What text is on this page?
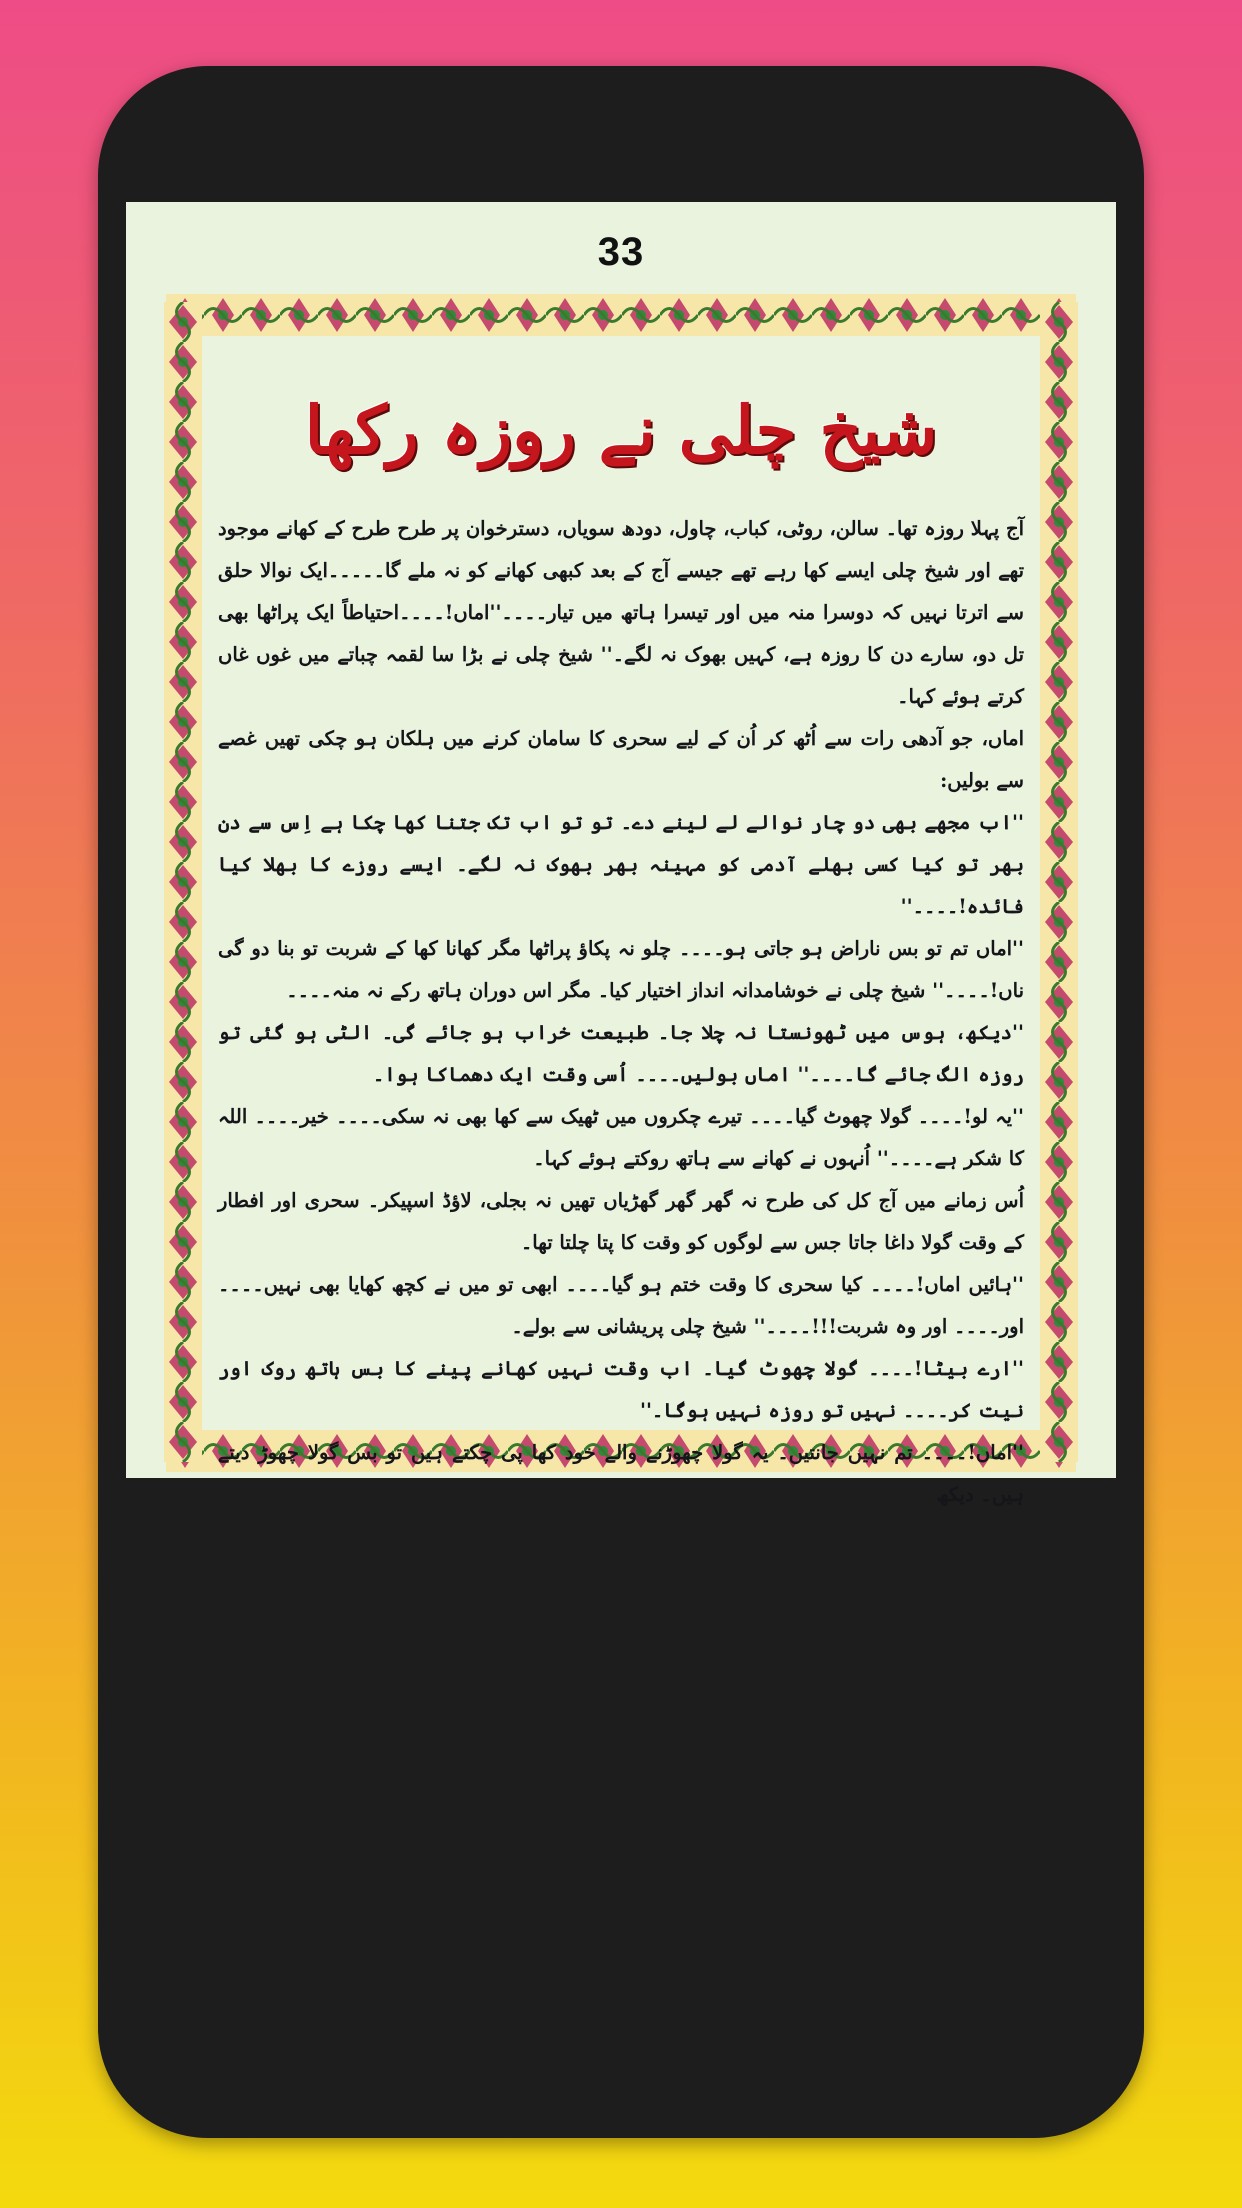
33
شیخ چلی نے روزہ رکھا

آج پہلا روزہ تھا۔ سالن، روٹی، کباب، چاول، دودھ سویاں، دسترخوان پر طرح طرح کے کھانے موجود تھے اور شیخ چلی ایسے کھا رہے تھے جیسے آج کے بعد کبھی کھانے کو نہ ملے گا۔۔۔۔۔ایک نوالا حلق سے اترتا نہیں کہ دوسرا منہ میں اور تیسرا ہاتھ میں تیار۔۔۔۔''اماں!۔۔۔۔احتیاطاً ایک پراٹھا بھی تل دو، سارے دن کا روزہ ہے، کہیں بھوک نہ لگے۔'' شیخ چلی نے بڑا سا لقمہ چباتے میں غوں غاں کرتے ہوئے کہا۔

اماں، جو آدھی رات سے اُٹھ کر اُن کے لیے سحری کا سامان کرنے میں ہلکان ہو چکی تھیں غصے سے بولیں:

''اب مجھے بھی دو چار نوالے لے لینے دے۔ تو تو اب تک جتنا کھا چکا ہے اِس سے دن بھر تو کیا کسی بھلے آدمی کو مہینہ بھر بھوک نہ لگے۔ ایسے روزے کا بھلا کیا فائدہ!۔۔۔۔''

''اماں تم تو بس ناراض ہو جاتی ہو۔۔۔۔ چلو نہ پکاؤ پراٹھا مگر کھانا کھا کے شربت تو بنا دو گی ناں!۔۔۔۔'' شیخ چلی نے خوشامدانہ انداز اختیار کیا۔ مگر اس دوران ہاتھ رکے نہ منہ۔۔۔۔

''دیکھ، ہوس میں ٹھونستا نہ چلا جا۔ طبیعت خراب ہو جائے گی۔ الٹی ہو گئی تو روزہ الگ جائے گا۔۔۔۔'' اماں بولیں۔۔۔۔ اُسی وقت ایک دھماکا ہوا۔

''یہ لو!۔۔۔۔ گولا چھوٹ گیا۔۔۔۔ تیرے چکروں میں ٹھیک سے کھا بھی نہ سکی۔۔۔۔ خیر۔۔۔۔ اللہ کا شکر ہے۔۔۔۔'' اُنہوں نے کھانے سے ہاتھ روکتے ہوئے کہا۔

اُس زمانے میں آج کل کی طرح نہ گھر گھر گھڑیاں تھیں نہ بجلی، لاؤڈ اسپیکر۔ سحری اور افطار کے وقت گولا داغا جاتا جس سے لوگوں کو وقت کا پتا چلتا تھا۔

''ہائیں اماں!۔۔۔۔ کیا سحری کا وقت ختم ہو گیا۔۔۔۔ ابھی تو میں نے کچھ کھایا بھی نہیں۔۔۔۔ اور۔۔۔۔ اور وہ شربت!!!۔۔۔۔'' شیخ چلی پریشانی سے بولے۔

''ارے بیٹا!۔۔۔۔ گولا چھوٹ گیا۔ اب وقت نہیں کھانے پینے کا بس ہاتھ روک اور نیت کر۔۔۔۔ نہیں تو روزہ نہیں ہوگا۔''

''اماں!۔۔۔۔ تم نہیں جانتیں۔ یہ گولا چھوڑنے والے خود کھا پی چکتے ہیں تو بس گولا چھوڑ دیتے ہیں۔ دیکھ
